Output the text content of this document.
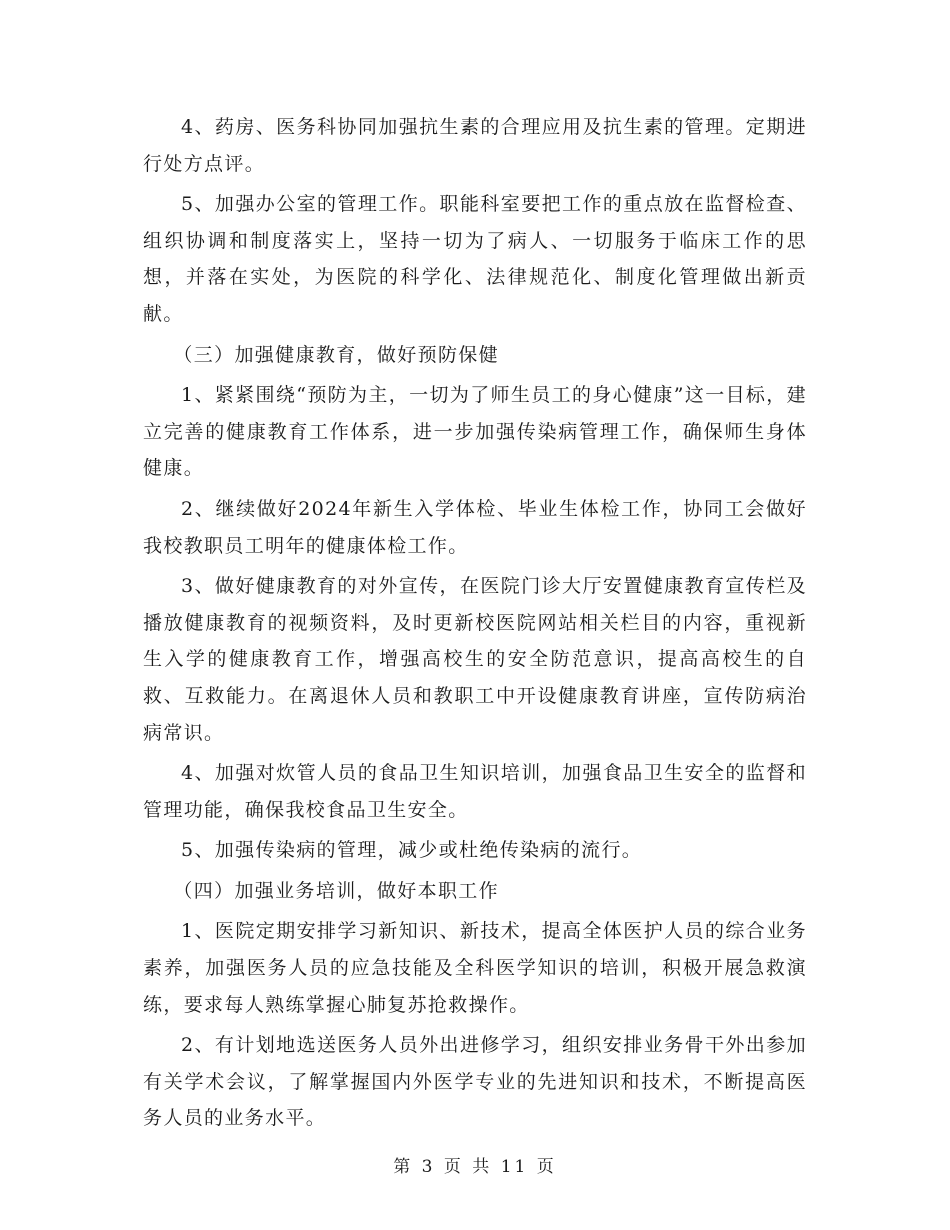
4、药房、医务科协同加强抗生素的合理应用及抗生素的管理。定期进行处方点评。

5、加强办公室的管理工作。职能科室要把工作的重点放在监督检查、组织协调和制度落实上，坚持一切为了病人、一切服务于临床工作的思想，并落在实处，为医院的科学化、法律规范化、制度化管理做出新贡献。

（三）加强健康教育，做好预防保健

1、紧紧围绕“预防为主，一切为了师生员工的身心健康”这一目标，建立完善的健康教育工作体系，进一步加强传染病管理工作，确保师生身体健康。

2、继续做好2024年新生入学体检、毕业生体检工作，协同工会做好我校教职员工明年的健康体检工作。

3、做好健康教育的对外宣传，在医院门诊大厅安置健康教育宣传栏及播放健康教育的视频资料，及时更新校医院网站相关栏目的内容，重视新生入学的健康教育工作，增强高校生的安全防范意识，提高高校生的自救、互救能力。在离退休人员和教职工中开设健康教育讲座，宣传防病治病常识。

4、加强对炊管人员的食品卫生知识培训，加强食品卫生安全的监督和管理功能，确保我校食品卫生安全。

5、加强传染病的管理，减少或杜绝传染病的流行。

（四）加强业务培训，做好本职工作

1、医院定期安排学习新知识、新技术，提高全体医护人员的综合业务素养，加强医务人员的应急技能及全科医学知识的培训，积极开展急救演练，要求每人熟练掌握心肺复苏抢救操作。

2、有计划地选送医务人员外出进修学习，组织安排业务骨干外出参加有关学术会议，了解掌握国内外医学专业的先进知识和技术，不断提高医务人员的业务水平。

第 3 页 共 11 页
